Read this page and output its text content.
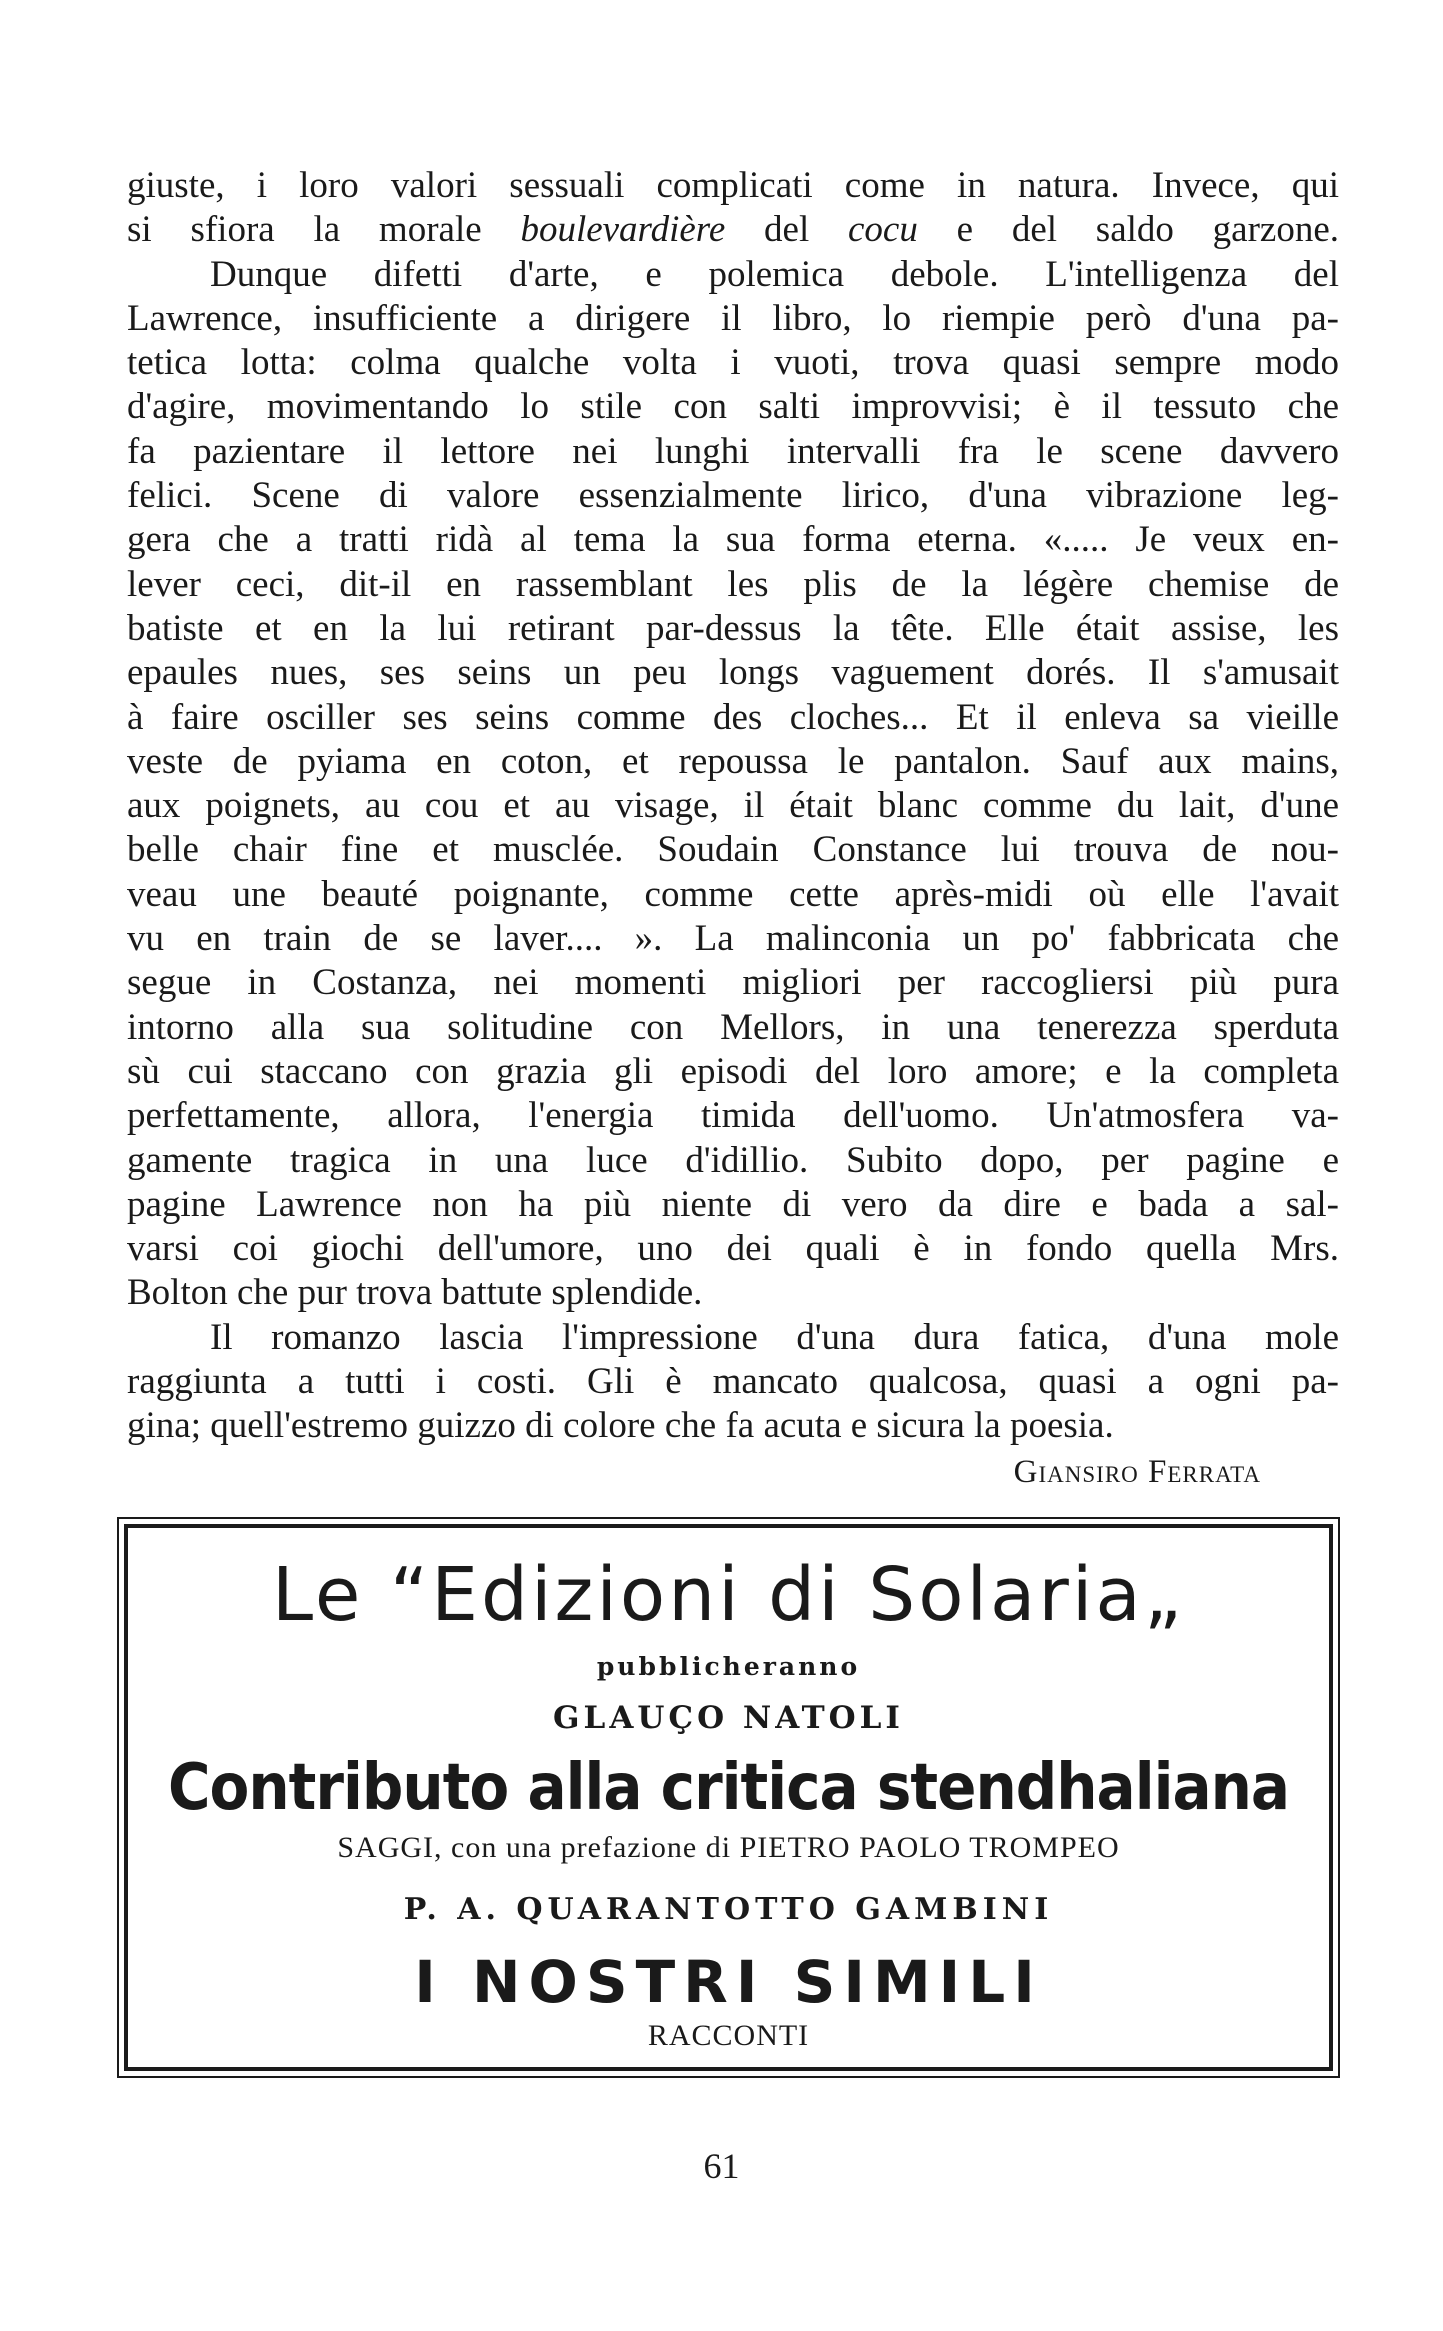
giuste, i loro valori sessuali complicati come in natura. Invece, qui
si sfiora la morale boulevardière del cocu e del saldo garzone.
Dunque difetti d'arte, e polemica debole. L'intelligenza del
Lawrence, insufficiente a dirigere il libro, lo riempie però d'una pa-
tetica lotta: colma qualche volta i vuoti, trova quasi sempre modo
d'agire, movimentando lo stile con salti improvvisi; è il tessuto che
fa pazientare il lettore nei lunghi intervalli fra le scene davvero
felici. Scene di valore essenzialmente lirico, d'una vibrazione leg-
gera che a tratti ridà al tema la sua forma eterna. «..... Je veux en-
lever ceci, dit-il en rassemblant les plis de la légère chemise de
batiste et en la lui retirant par-dessus la tête. Elle était assise, les
epaules nues, ses seins un peu longs vaguement dorés. Il s'amusait
à faire osciller ses seins comme des cloches... Et il enleva sa vieille
veste de pyiama en coton, et repoussa le pantalon. Sauf aux mains,
aux poignets, au cou et au visage, il était blanc comme du lait, d'une
belle chair fine et musclée. Soudain Constance lui trouva de nou-
veau une beauté poignante, comme cette après-midi où elle l'avait
vu en train de se laver.... ». La malinconia un po' fabbricata che
segue in Costanza, nei momenti migliori per raccogliersi più pura
intorno alla sua solitudine con Mellors, in una tenerezza sperduta
sù cui staccano con grazia gli episodi del loro amore; e la completa
perfettamente, allora, l'energia timida dell'uomo. Un'atmosfera va-
gamente tragica in una luce d'idillio. Subito dopo, per pagine e
pagine Lawrence non ha più niente di vero da dire e bada a sal-
varsi coi giochi dell'umore, uno dei quali è in fondo quella Mrs.
Bolton che pur trova battute splendide.
Il romanzo lascia l'impressione d'una dura fatica, d'una mole
raggiunta a tutti i costi. Gli è mancato qualcosa, quasi a ogni pa-
gina; quell'estremo guizzo di colore che fa acuta e sicura la poesia.
Giansiro Ferrata
Le “Edizioni di Solaria„
pubblicheranno
GLAUÇO NATOLI
Contributo alla critica stendhaliana
SAGGI, con una prefazione di PIETRO PAOLO TROMPEO
P. A. QUARANTOTTO GAMBINI
I NOSTRI SIMILI
RACCONTI
61
